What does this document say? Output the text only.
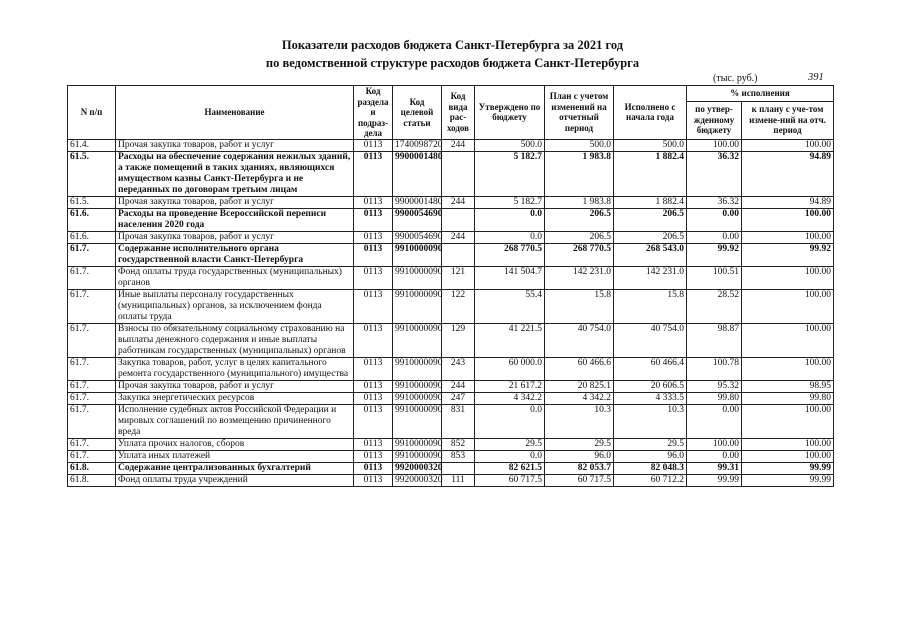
Показатели расходов бюджета Санкт-Петербурга за 2021 год
по ведомственной структуре расходов бюджета Санкт-Петербурга
(тыс. руб.)	391
N п/п	Наименование	Код раздела и подраз-дела	Код целевой статьи	Код вида рас-ходов	Утверждено по бюджету	План с учетом изменений на отчетный период	Исполнено с начала года	% исполнения	
								по утвер-жденному бюджету	к плану с уче-том измене-ний на отч. период
61.4.	Прочая закупка товаров, работ и услуг	0113	1740098720	244	500.0	500.0	500.0	100.00	100.00
61.5.	Расходы на обеспечение содержания нежилых зданий, а также помещений в таких зданиях, являющихся имуществом казны Санкт-Петербурга и не переданных по договорам третьим лицам	0113	9900001480		5 182.7	1 983.8	1 882.4	36.32	94.89
61.5.	Прочая закупка товаров, работ и услуг	0113	9900001480	244	5 182.7	1 983.8	1 882.4	36.32	94.89
61.6.	Расходы на проведение Всероссийской переписи населения 2020 года	0113	9900054690		0.0	206.5	206.5	0.00	100.00
61.6.	Прочая закупка товаров, работ и услуг	0113	9900054690	244	0.0	206.5	206.5	0.00	100.00
61.7.	Содержание исполнительного органа государственной власти Санкт-Петербурга	0113	9910000090		268 770.5	268 770.5	268 543.0	99.92	99.92
61.7.	Фонд оплаты труда государственных (муниципальных) органов	0113	9910000090	121	141 504.7	142 231.0	142 231.0	100.51	100.00
61.7.	Иные выплаты персоналу государственных (муниципальных) органов, за исключением фонда оплаты труда	0113	9910000090	122	55.4	15.8	15.8	28.52	100.00
61.7.	Взносы по обязательному социальному страхованию на выплаты денежного содержания и иные выплаты работникам государственных (муниципальных) органов	0113	9910000090	129	41 221.5	40 754.0	40 754.0	98.87	100.00
61.7.	Закупка товаров, работ, услуг в целях капитального ремонта государственного (муниципального) имущества	0113	9910000090	243	60 000.0	60 466.6	60 466.4	100.78	100.00
61.7.	Прочая закупка товаров, работ и услуг	0113	9910000090	244	21 617.2	20 825.1	20 606.5	95.32	98.95
61.7.	Закупка энергетических ресурсов	0113	9910000090	247	4 342.2	4 342.2	4 333.5	99.80	99.80
61.7.	Исполнение судебных актов Российской Федерации и мировых соглашений по возмещению причиненного вреда	0113	9910000090	831	0.0	10.3	10.3	0.00	100.00
61.7.	Уплата прочих налогов, сборов	0113	9910000090	852	29.5	29.5	29.5	100.00	100.00
61.7.	Уплата иных платежей	0113	9910000090	853	0.0	96.0	96.0	0.00	100.00
61.8.	Содержание централизованных бухгалтерий	0113	9920000320		82 621.5	82 053.7	82 048.3	99.31	99.99
61.8.	Фонд оплаты труда учреждений	0113	9920000320	111	60 717.5	60 717.5	60 712.2	99.99	99.99
